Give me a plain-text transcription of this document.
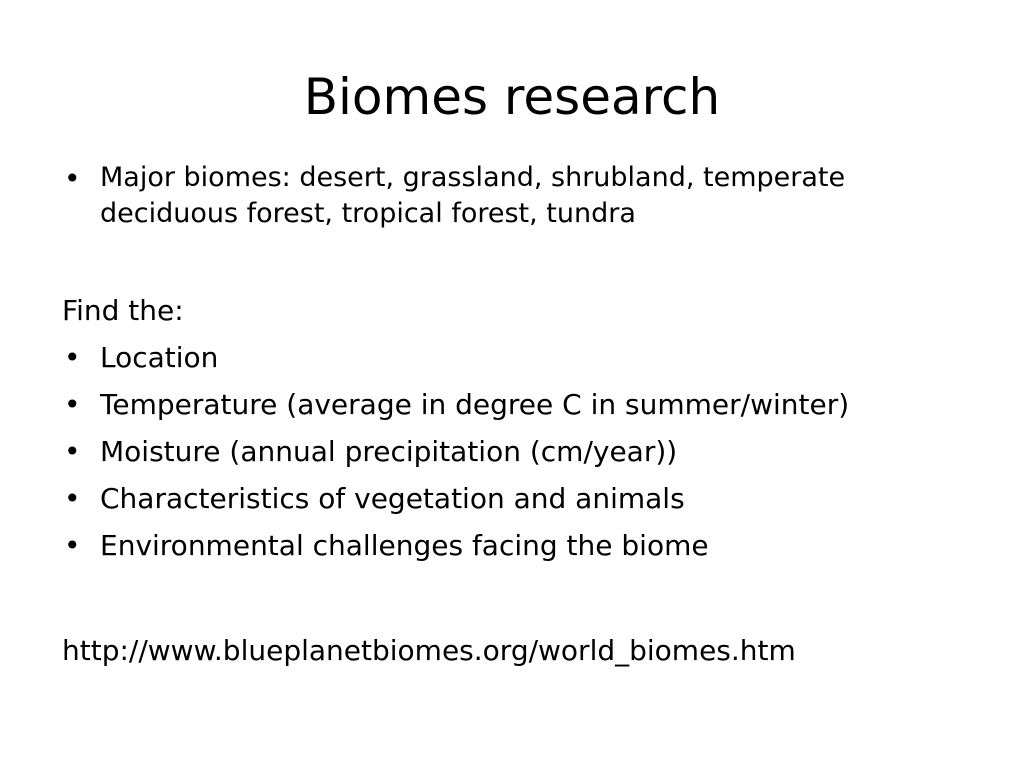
Biomes research
• Major biomes: desert, grassland, shrubland, temperate deciduous forest, tropical forest, tundra
Find the:
• Location
• Temperature (average in degree C in summer/winter)
• Moisture (annual precipitation (cm/year))
• Characteristics of vegetation and animals
• Environmental challenges facing the biome
http://www.blueplanetbiomes.org/world_biomes.htm
